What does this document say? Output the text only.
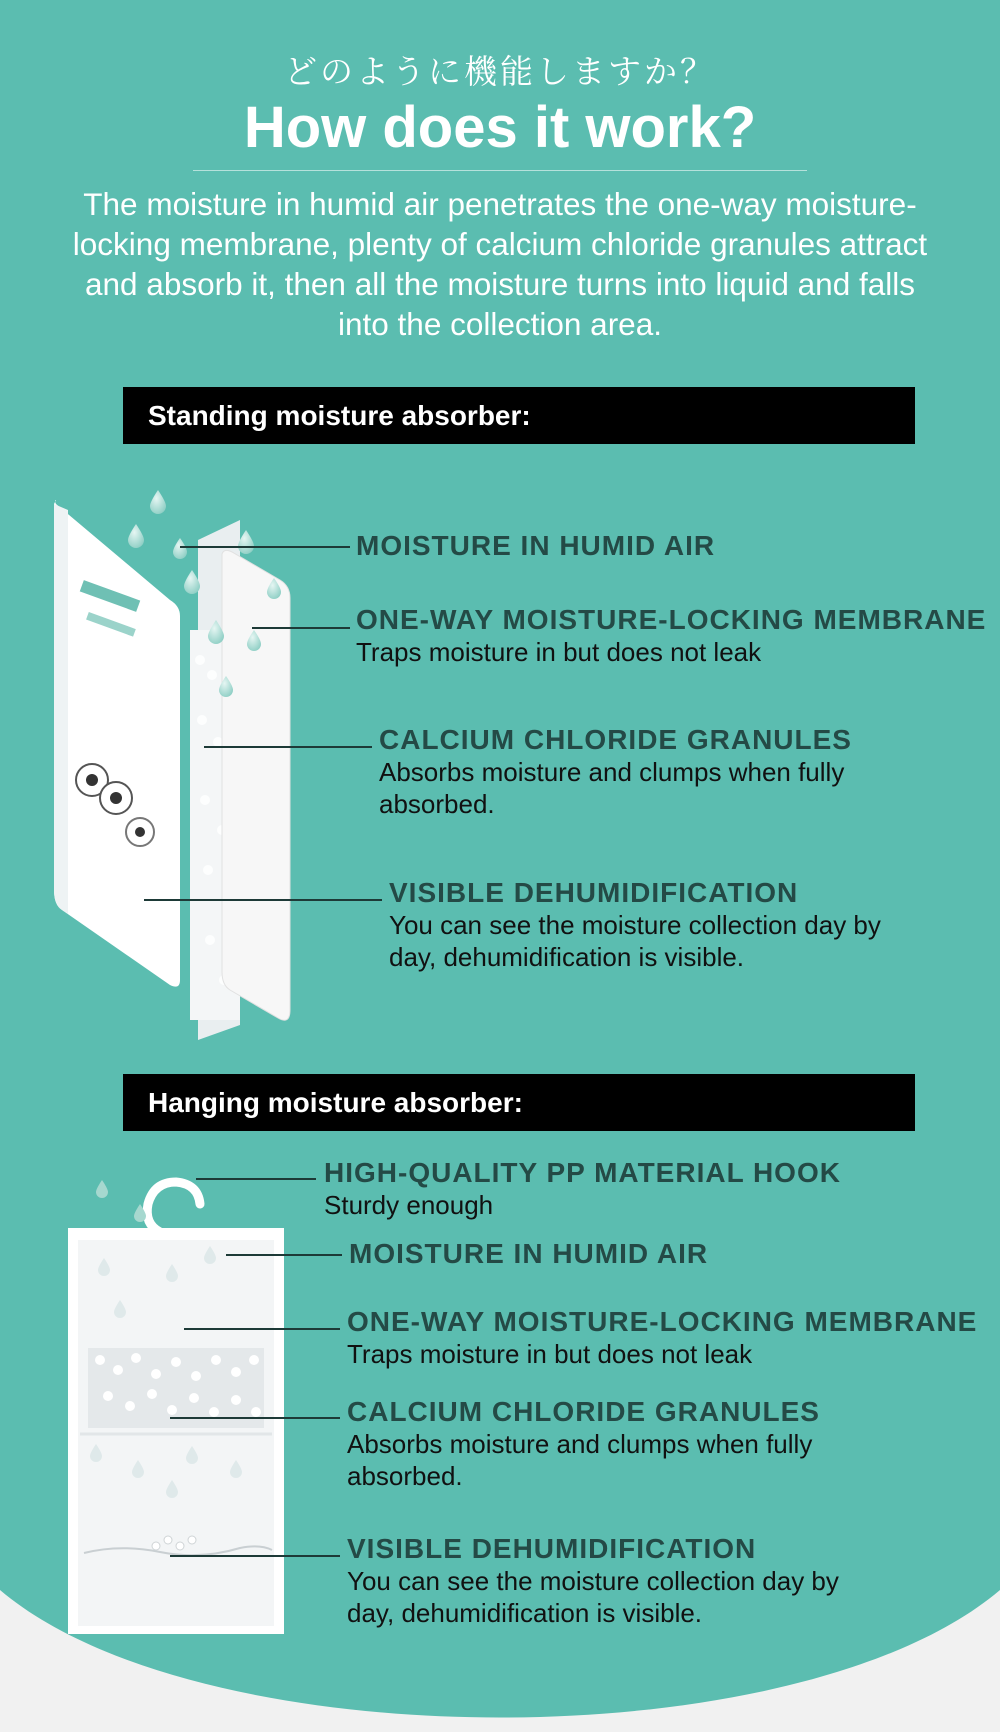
どのように機能しますか？
How does it work?
The moisture in humid air penetrates the one-way moisture-locking membrane, plenty of calcium chloride granules attract and absorb it, then all the moisture turns into liquid and falls into the collection area.
Standing moisture absorber:
MOISTURE IN HUMID AIR
ONE-WAY MOISTURE-LOCKING MEMBRANE
Traps moisture in but does not leak
CALCIUM CHLORIDE GRANULES
Absorbs moisture and clumps when fully absorbed.
VISIBLE DEHUMIDIFICATION
You can see the moisture collection day by day, dehumidification is visible.
Hanging moisture absorber:
HIGH-QUALITY PP MATERIAL HOOK
Sturdy enough
MOISTURE IN HUMID AIR
ONE-WAY MOISTURE-LOCKING MEMBRANE
Traps moisture in but does not leak
CALCIUM CHLORIDE GRANULES
Absorbs moisture and clumps when fully absorbed.
VISIBLE DEHUMIDIFICATION
You can see the moisture collection day by day, dehumidification is visible.
